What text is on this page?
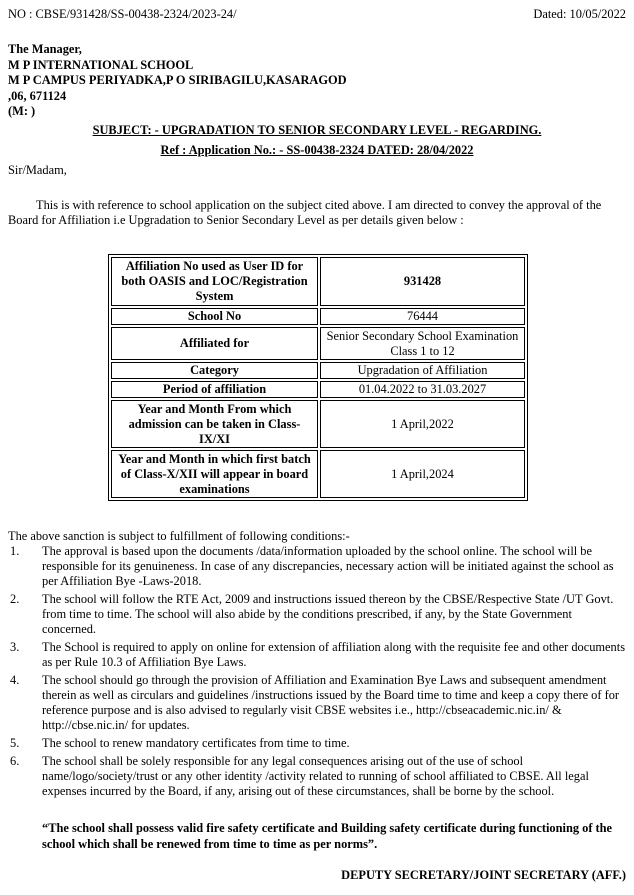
NO : CBSE/931428/SS-00438-2324/2023-24/	Dated: 10/05/2022
The Manager,
M P INTERNATIONAL SCHOOL
M P CAMPUS PERIYADKA,P O SIRIBAGILU,KASARAGOD
,06, 671124
(M: )
SUBJECT: - UPGRADATION TO SENIOR SECONDARY LEVEL - REGARDING.
Ref : Application No.: - SS-00438-2324 DATED: 28/04/2022
Sir/Madam,
This is with reference to school application on the subject cited above. I am directed to convey the approval of the Board for Affiliation i.e Upgradation to Senior Secondary Level as per details given below :
Affiliation No used as User ID for both OASIS and LOC/Registration System	931428
School No	76444
Affiliated for	Senior Secondary School Examination Class 1 to 12
Category	Upgradation of Affiliation
Period of affiliation	01.04.2022 to 31.03.2027
Year and Month From which admission can be taken in Class-IX/XI	1 April,2022
Year and Month in which first batch of Class-X/XII will appear in board examinations	1 April,2024
The above sanction is subject to fulfillment of following conditions:-
1. The approval is based upon the documents /data/information uploaded by the school online. The school will be responsible for its genuineness. In case of any discrepancies, necessary action will be initiated against the school as per Affiliation Bye -Laws-2018.
2. The school will follow the RTE Act, 2009 and instructions issued thereon by the CBSE/Respective State /UT Govt. from time to time. The school will also abide by the conditions prescribed, if any, by the State Government concerned.
3. The School is required to apply on online for extension of affiliation along with the requisite fee and other documents as per Rule 10.3 of Affiliation Bye Laws.
4. The school should go through the provision of Affiliation and Examination Bye Laws and subsequent amendment therein as well as circulars and guidelines /instructions issued by the Board time to time and keep a copy there of for reference purpose and is also advised to regularly visit CBSE websites i.e., http://cbseacademic.nic.in/ & http://cbse.nic.in/ for updates.
5. The school to renew mandatory certificates from time to time.
6. The school shall be solely responsible for any legal consequences arising out of the use of school name/logo/society/trust or any other identity /activity related to running of school affiliated to CBSE. All legal expenses incurred by the Board, if any, arising out of these circumstances, shall be borne by the school.
“The school shall possess valid fire safety certificate and Building safety certificate during functioning of the school which shall be renewed from time to time as per norms”.
DEPUTY SECRETARY/JOINT SECRETARY (AFF.)
